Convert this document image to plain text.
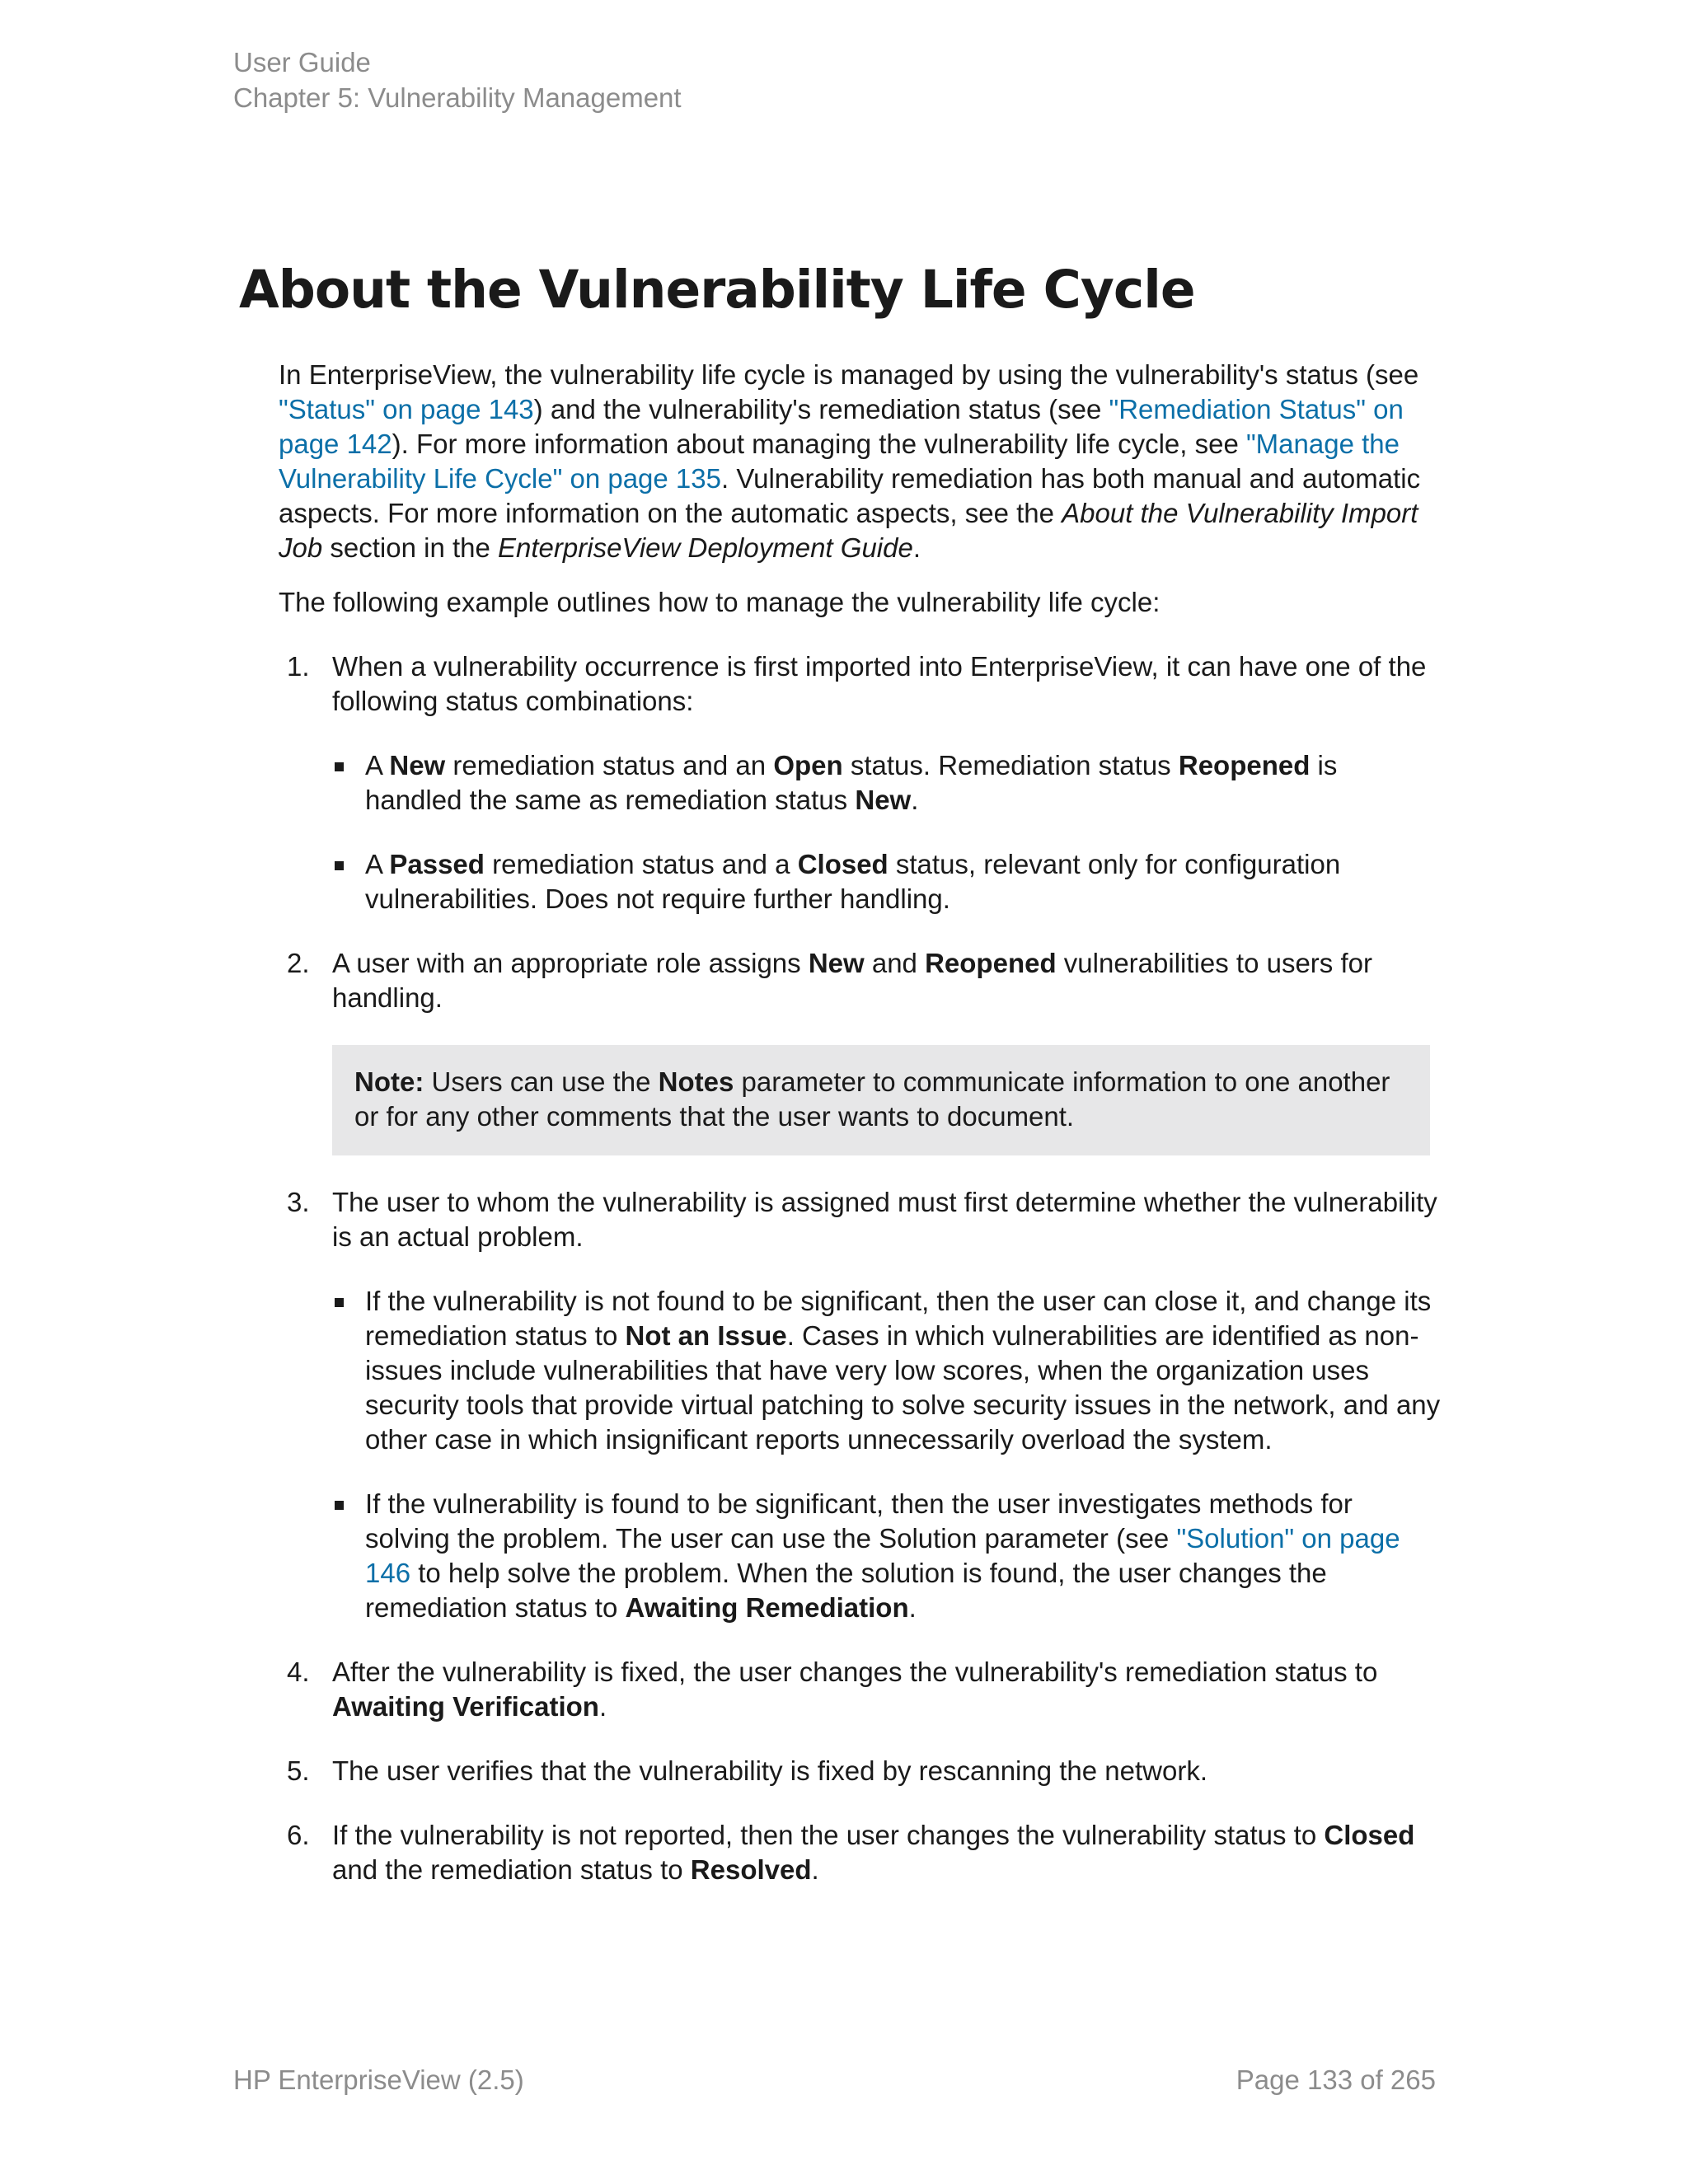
User Guide
Chapter 5: Vulnerability Management
About the Vulnerability Life Cycle

In EnterpriseView, the vulnerability life cycle is managed by using the vulnerability's status (see "Status" on page 143) and the vulnerability's remediation status (see "Remediation Status" on page 142). For more information about managing the vulnerability life cycle, see "Manage the Vulnerability Life Cycle" on page 135. Vulnerability remediation has both manual and automatic aspects. For more information on the automatic aspects, see the About the Vulnerability Import Job section in the EnterpriseView Deployment Guide.

The following example outlines how to manage the vulnerability life cycle:

1. When a vulnerability occurrence is first imported into EnterpriseView, it can have one of the following status combinations:
A New remediation status and an Open status. Remediation status Reopened is handled the same as remediation status New.
A Passed remediation status and a Closed status, relevant only for configuration vulnerabilities. Does not require further handling.
2. A user with an appropriate role assigns New and Reopened vulnerabilities to users for handling.
Note: Users can use the Notes parameter to communicate information to one another or for any other comments that the user wants to document.
3. The user to whom the vulnerability is assigned must first determine whether the vulnerability is an actual problem.
If the vulnerability is not found to be significant, then the user can close it, and change its remediation status to Not an Issue. Cases in which vulnerabilities are identified as non-issues include vulnerabilities that have very low scores, when the organization uses security tools that provide virtual patching to solve security issues in the network, and any other case in which insignificant reports unnecessarily overload the system.
If the vulnerability is found to be significant, then the user investigates methods for solving the problem. The user can use the Solution parameter (see "Solution" on page 146 to help solve the problem. When the solution is found, the user changes the remediation status to Awaiting Remediation.
4. After the vulnerability is fixed, the user changes the vulnerability's remediation status to Awaiting Verification.
5. The user verifies that the vulnerability is fixed by rescanning the network.
6. If the vulnerability is not reported, then the user changes the vulnerability status to Closed and the remediation status to Resolved.
HP EnterpriseView (2.5)	Page 133 of 265
